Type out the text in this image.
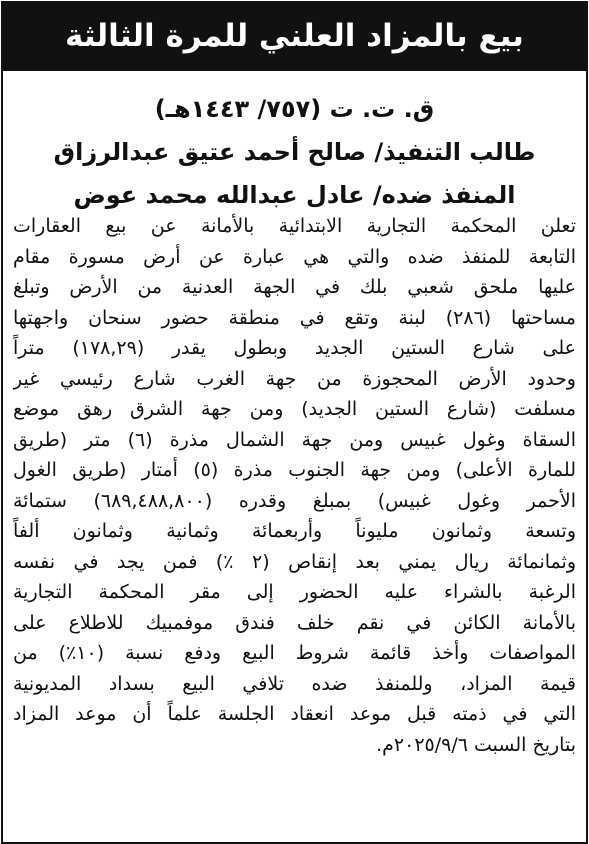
بيع بالمزاد العلني للمرة الثالثة
ق. ت. ت (٧٥٧/ ١٤٤٣هـ)
طالب التنفيذ/ صالح أحمد عتيق عبدالرزاق
المنفذ ضده/ عادل عبدالله محمد عوض
تعلن المحكمة التجارية الابتدائية بالأمانة عن بيع العقارات
التابعة للمنفذ ضده والتي هي عبارة عن أرض مسورة مقام
عليها ملحق شعبي بلك في الجهة العدنية من الأرض وتبلغ
مساحتها (٢٨٦) لبنة وتقع في منطقة حضور سنحان واجهتها
على شارع الستين الجديد وبطول يقدر (١٧٨,٢٩) متراً
وحدود الأرض المحجوزة من جهة الغرب شارع رئيسي غير
مسلفت (شارع الستين الجديد) ومن جهة الشرق رهق موضع
السقاة وغول غبيس ومن جهة الشمال مذرة (٦) متر (طريق
للمارة الأعلى) ومن جهة الجنوب مذرة (٥) أمتار (طريق الغول
الأحمر وغول غبيس) بمبلغ وقدره (٦٨٩,٤٨٨,٨٠٠) ستمائة
وتسعة وثمانون مليوناً وأربعمائة وثمانية وثمانون ألفاً
وثمانمائة ريال يمني بعد إنقاص (٢ ٪) فمن يجد في نفسه
الرغبة بالشراء عليه الحضور إلى مقر المحكمة التجارية
بالأمانة الكائن في نقم خلف فندق موفمبيك للاطلاع على
المواصفات وأخذ قائمة شروط البيع ودفع نسبة (١٠٪) من
قيمة المزاد، وللمنفذ ضده تلافي البيع بسداد المديونية
التي في ذمته قبل موعد انعقاد الجلسة علماً أن موعد المزاد
بتاريخ السبت ٢٠٢٥/٩/٦م.
